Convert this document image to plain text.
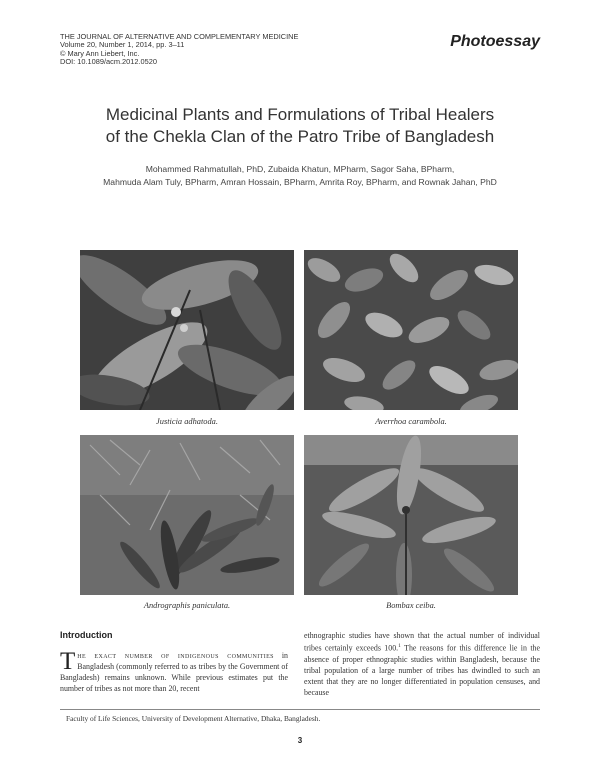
THE JOURNAL OF ALTERNATIVE AND COMPLEMENTARY MEDICINE
Volume 20, Number 1, 2014, pp. 3–11
© Mary Ann Liebert, Inc.
DOI: 10.1089/acm.2012.0520
Photoessay
Medicinal Plants and Formulations of Tribal Healers
of the Chekla Clan of the Patro Tribe of Bangladesh
Mohammed Rahmatullah, PhD, Zubaida Khatun, MPharm, Sagor Saha, BPharm,
Mahmuda Alam Tuly, BPharm, Amran Hossain, BPharm, Amrita Roy, BPharm, and Rownak Jahan, PhD
Justicia adhatoda.	Averrhoa carambola.
Andrographis paniculata.	Bombax ceiba.
Introduction
The exact number of indigenous communities in Bangladesh (commonly referred to as tribes by the Government of Bangladesh) remains unknown. While previous estimates put the number of tribes as not more than 20, recent
ethnographic studies have shown that the actual number of individual tribes certainly exceeds 100.$^1$ The reasons for this difference lie in the absence of proper ethnographic studies within Bangladesh, because the tribal population of a large number of tribes has dwindled to such an extent that they are no longer differentiated in population censuses, and because
Faculty of Life Sciences, University of Development Alternative, Dhaka, Bangladesh.
3
